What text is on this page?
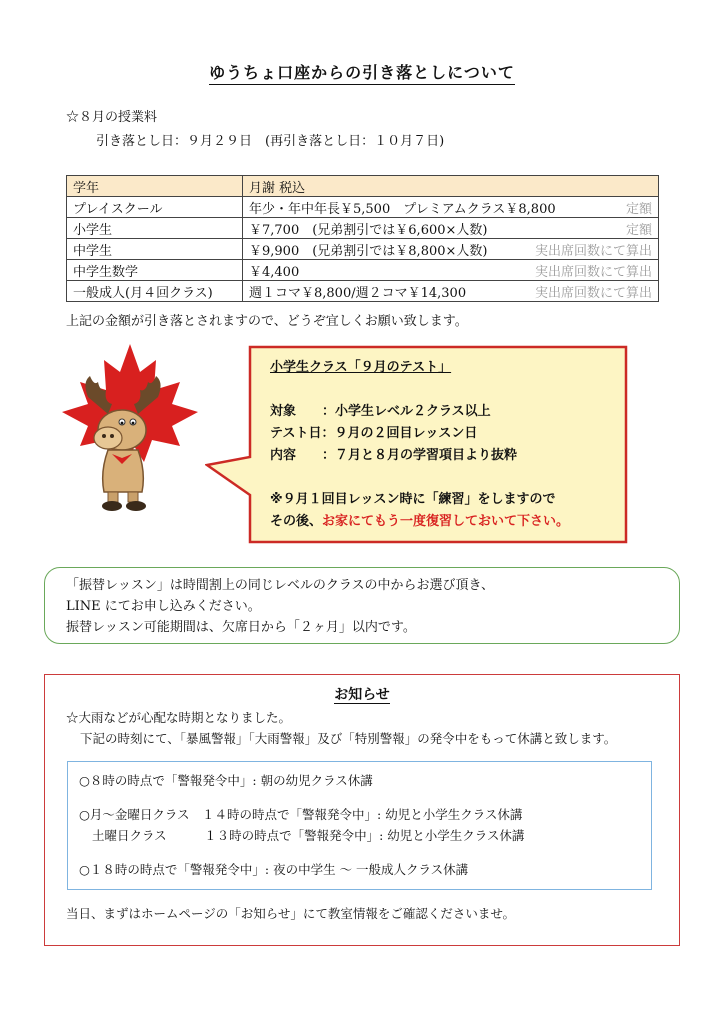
ゆうちょ口座からの引き落としについて
☆８月の授業料
引き落とし日：９月２９日　(再引き落とし日：１０月７日)
学年	月謝 税込
プレイスクール	年少・年中年長￥5,500　プレミアムクラス￥8,800 定額

小学生	￥7,700　(兄弟割引では￥6,600×人数) 定額

中学生	￥9,900　(兄弟割引では￥8,800×人数) 実出席回数にて算出

中学生数学	￥4,400 実出席回数にて算出

一般成人(月４回クラス)	週１コマ￥8,800/週２コマ￥14,300 実出席回数にて算出
上記の金額が引き落とされますので、どうぞ宜しくお願い致します。
小学生クラス「９月のテスト」
対象　　：小学生レベル２クラス以上
テスト日：９月の２回目レッスン日
内容　　：７月と８月の学習項目より抜粋
※９月１回目レッスン時に「練習」をしますので
その後、お家にてもう一度復習しておいて下さい。
「振替レッスン」は時間割上の同じレベルのクラスの中からお選び頂き、
LINE にてお申し込みください。
振替レッスン可能期間は、欠席日から「２ヶ月」以内です。
お知らせ
☆大雨などが心配な時期となりました。
下記の時刻にて、「暴風警報」「大雨警報」及び「特別警報」の発令中をもって休講と致します。
○８時の時点で「警報発令中」: 朝の幼児クラス休講
○月～金曜日クラス　１４時の時点で「警報発令中」: 幼児と小学生クラス休講
土曜日クラス　　　１３時の時点で「警報発令中」: 幼児と小学生クラス休講
○１８時の時点で「警報発令中」: 夜の中学生 ～ 一般成人クラス休講
当日、まずはホームページの「お知らせ」にて教室情報をご確認くださいませ。
